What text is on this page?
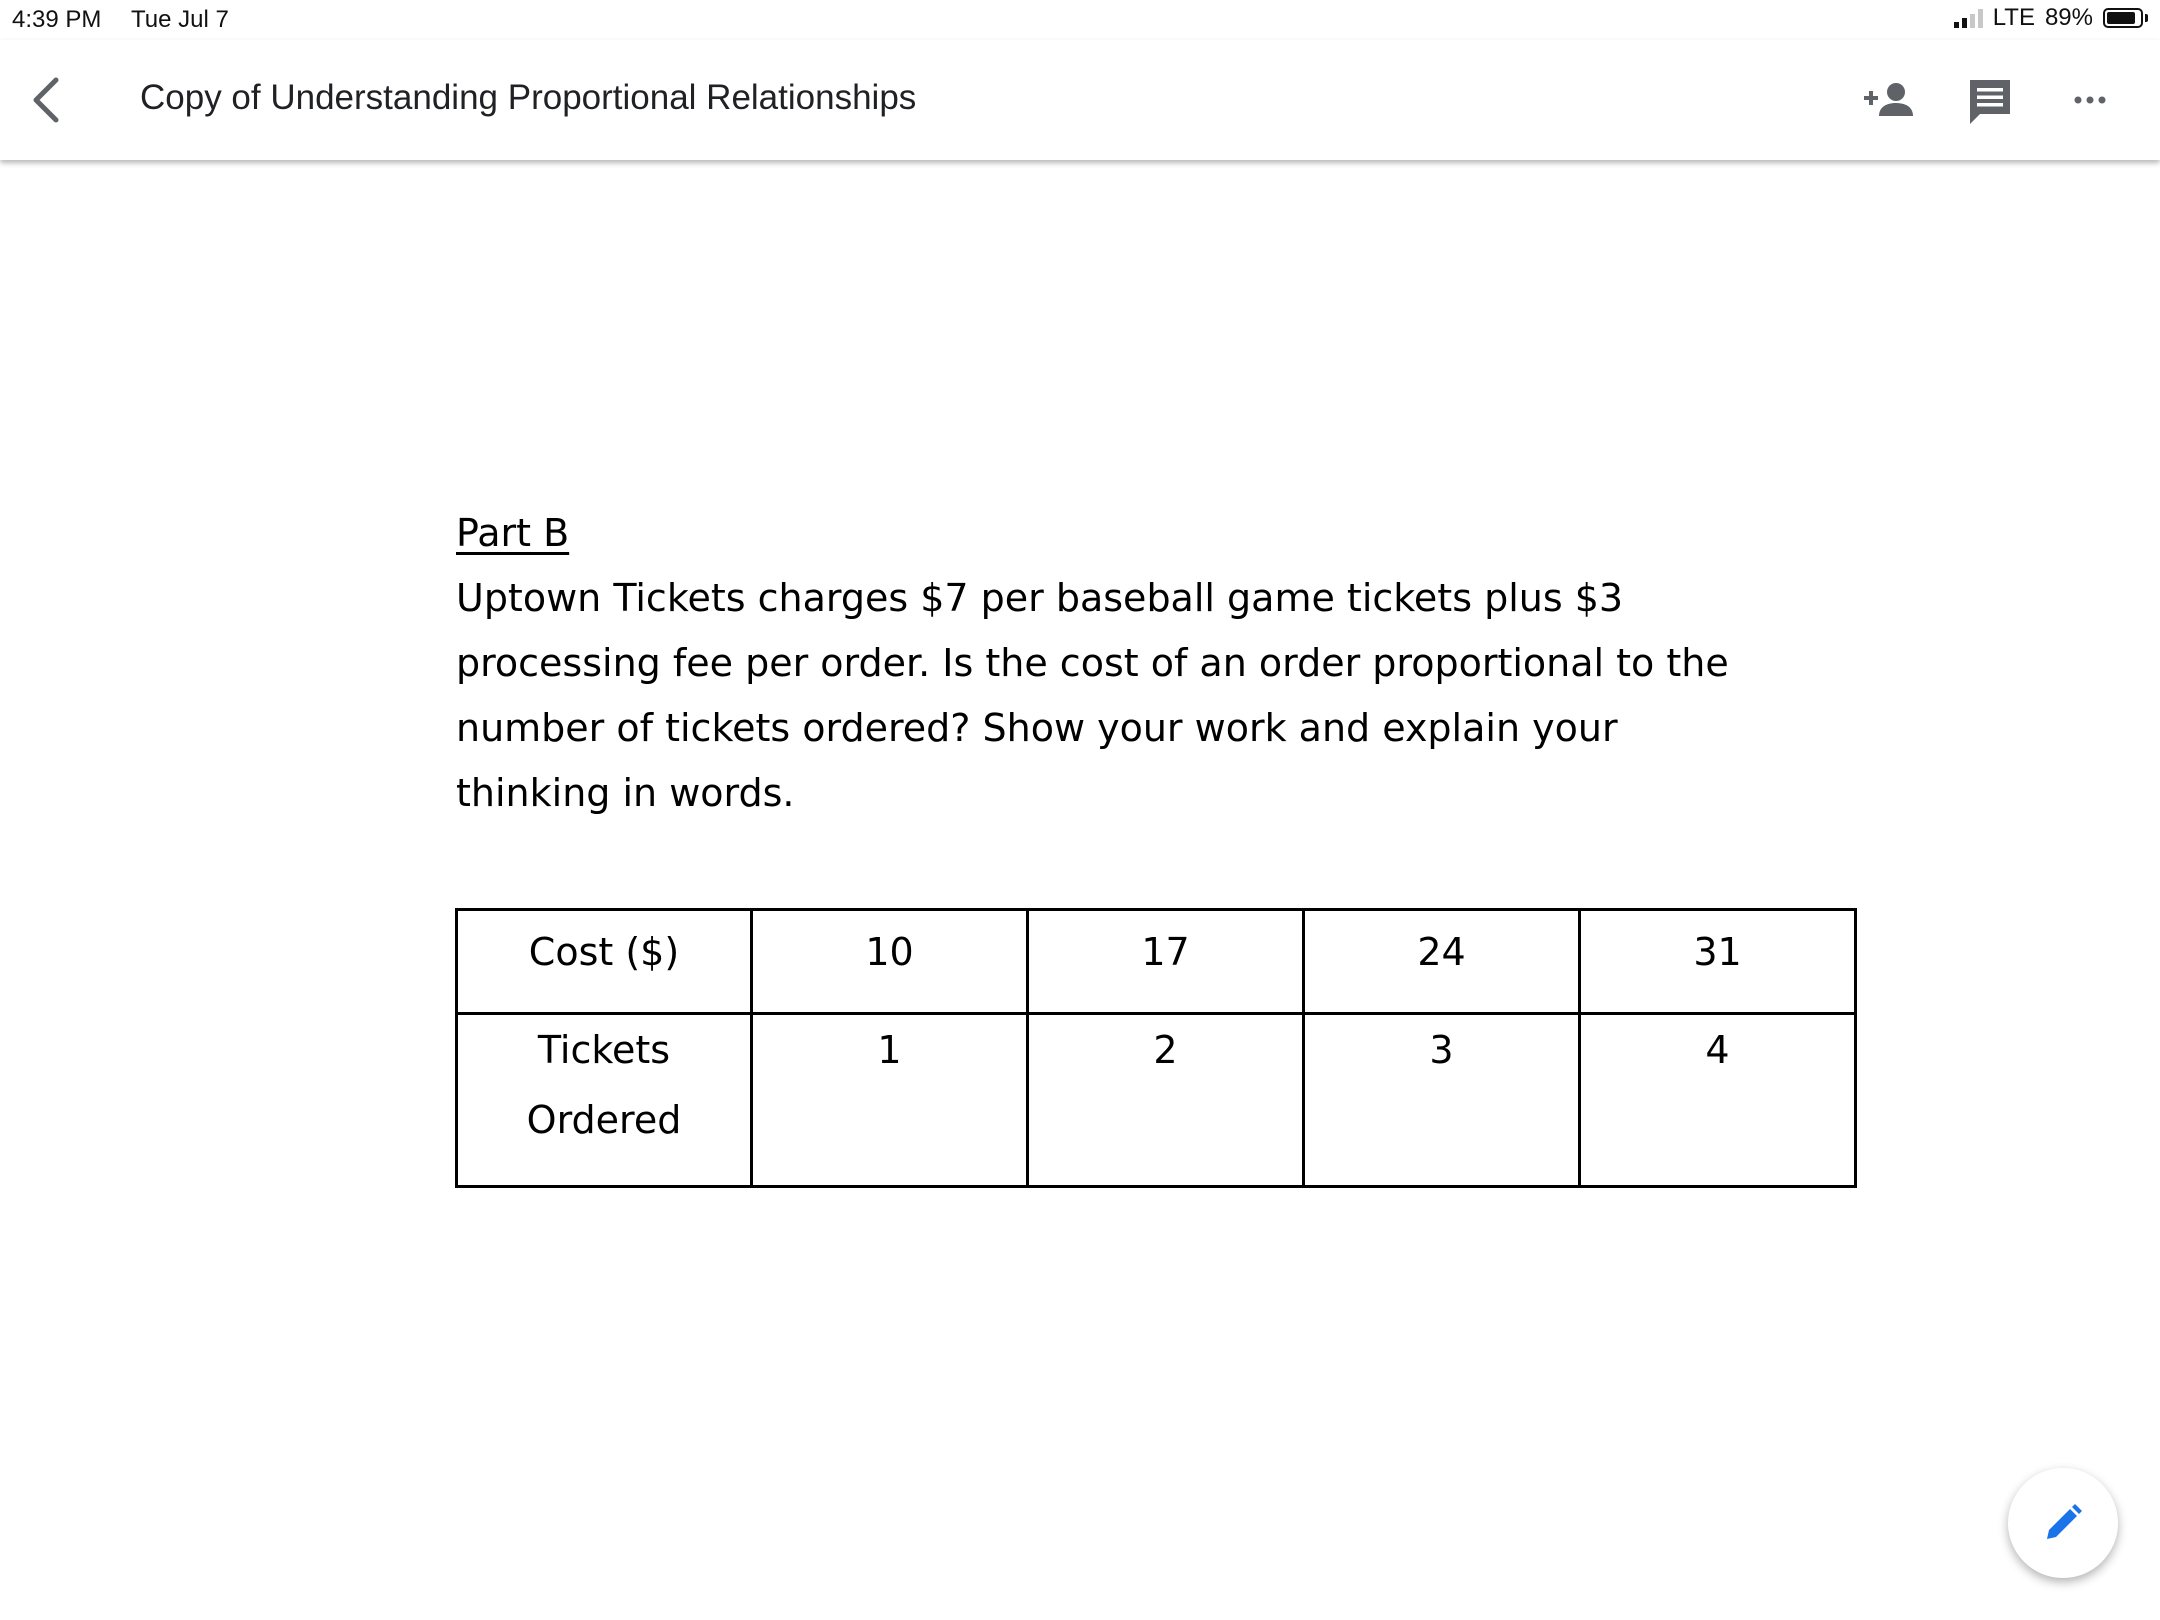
4:39 PM Tue Jul 7	LTE 89%
Copy of Understanding Proportional Relationships
Part B

Uptown Tickets charges $7 per baseball game tickets plus $3 processing fee per order. Is the cost of an order proportional to the number of tickets ordered? Show your work and explain your thinking in words.

Cost ($)	10	17	24	31

Tickets
Ordered	1	2	3	4
